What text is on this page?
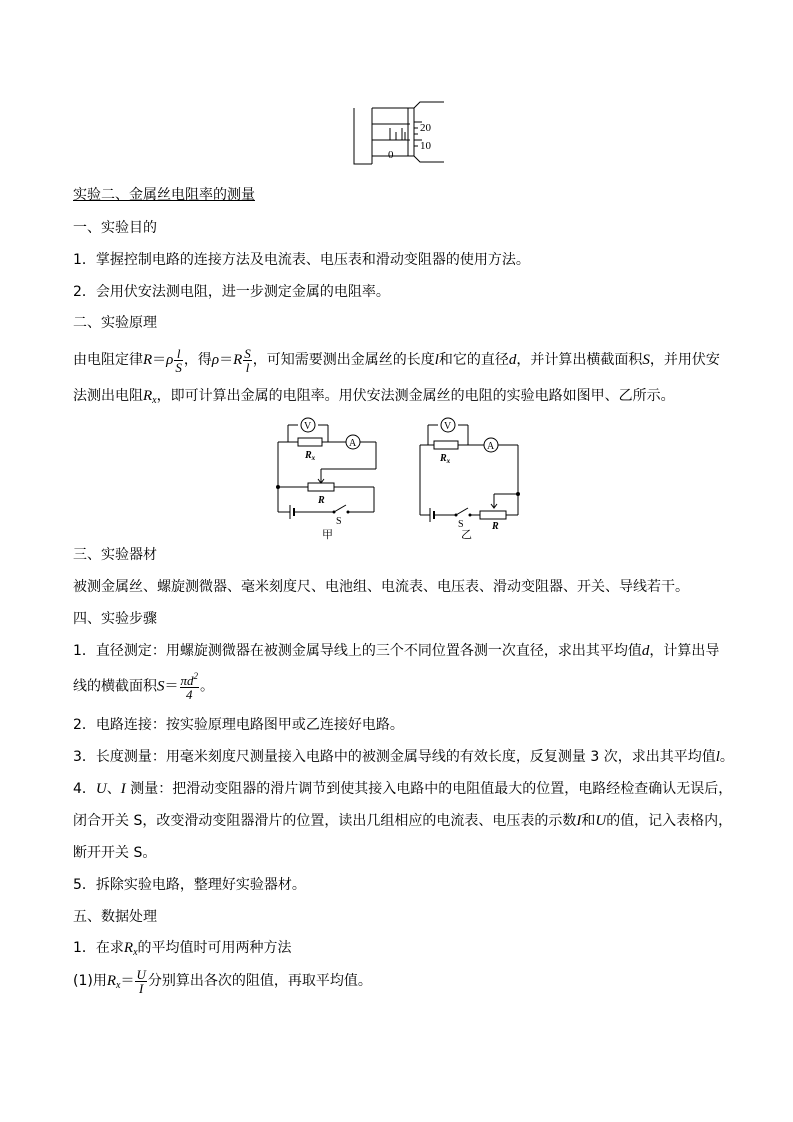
20
10
0
实验二、金属丝电阻率的测量
一、实验目的
1．掌握控制电路的连接方法及电流表、电压表和滑动变阻器的使用方法。
2．会用伏安法测电阻，进一步测定金属的电阻率。
二、实验原理
由电阻定律$R=\rho \frac{l}{S}$ ，得$\rho=R \frac{S}{l}$ ，可知需要测出金属丝的长度l和它的直径d，并计算出横截面积S，并用伏安
法测出电阻$R_x$，即可计算出金属的电阻率。用伏安法测金属丝的电阻的实验电路如图甲、乙所示。
V
A
$R_x$
R
S
甲
V
A
$R_x$
R
S
乙
三、实验器材
被测金属丝、螺旋测微器、毫米刻度尺、电池组、电流表、电压表、滑动变阻器、开关、导线若干。
四、实验步骤
1．直径测定：用螺旋测微器在被测金属导线上的三个不同位置各测一次直径，求出其平均值d，计算出导
线的横截面积$S= \frac{\pi d^2}{4}$ 。
2．电路连接：按实验原理电路图甲或乙连接好电路。
3．长度测量：用毫米刻度尺测量接入电路中的被测金属导线的有效长度，反复测量 3 次，求出其平均值l。
4．U、I 测量：把滑动变阻器的滑片调节到使其接入电路中的电阻值最大的位置，电路经检查确认无误后，
闭合开关 S，改变滑动变阻器滑片的位置，读出几组相应的电流表、电压表的示数I和U的值，记入表格内，
断开开关 S。
5．拆除实验电路，整理好实验器材。
五、数据处理
1．在求$R_x$的平均值时可用两种方法
(1)用$R_x= \frac{U}{I}$ 分别算出各次的阻值，再取平均值。
